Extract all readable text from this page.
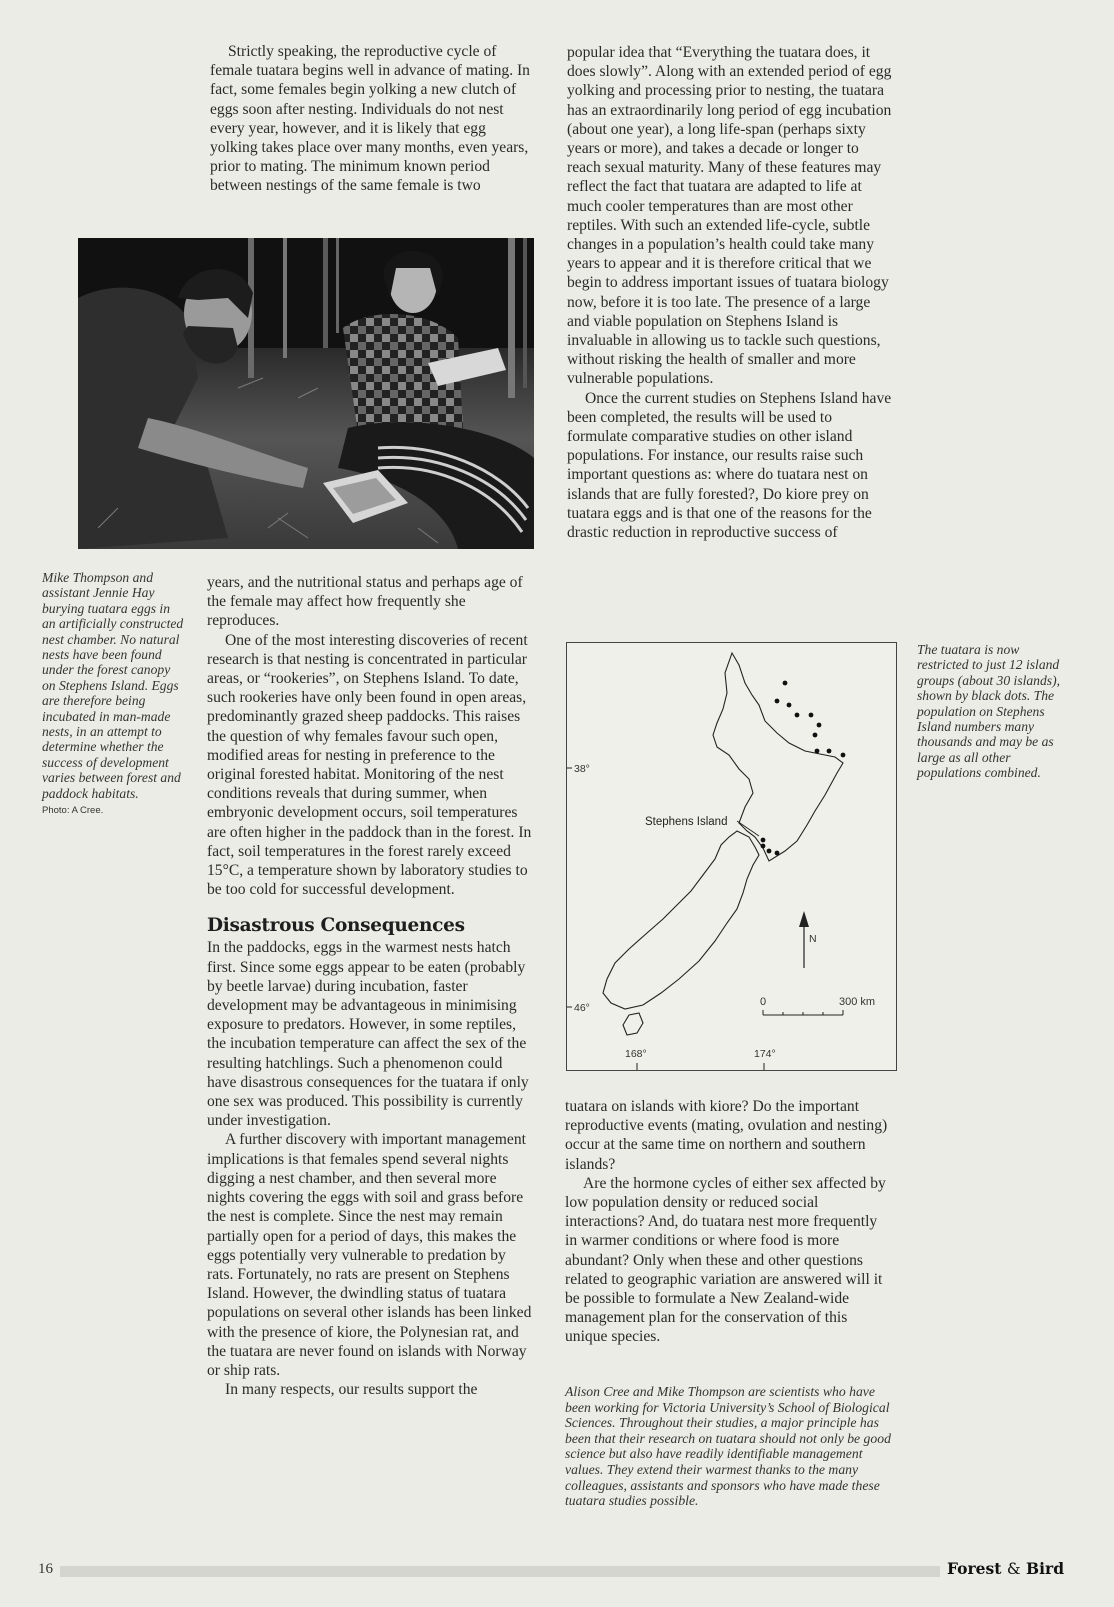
Strictly speaking, the reproductive cycle of female tuatara begins well in advance of mating. In fact, some females begin yolking a new clutch of eggs soon after nesting. Individuals do not nest every year, however, and it is likely that egg yolking takes place over many months, even years, prior to mating. The minimum known period between nestings of the same female is two

Mike Thompson and assistant Jennie Hay burying tuatara eggs in an artificially constructed nest chamber. No natural nests have been found under the forest canopy on Stephens Island. Eggs are therefore being incubated in man-made nests, in an attempt to determine whether the success of development varies between forest and paddock habitats.
Photo: A Cree.

years, and the nutritional status and perhaps age of the female may affect how frequently she reproduces.

One of the most interesting discoveries of recent research is that nesting is concentrated in particular areas, or “rookeries”, on Stephens Island. To date, such rookeries have only been found in open areas, predominantly grazed sheep paddocks. This raises the question of why females favour such open, modified areas for nesting in preference to the original forested habitat. Monitoring of the nest conditions reveals that during summer, when embryonic development occurs, soil temperatures are often higher in the paddock than in the forest. In fact, soil temperatures in the forest rarely exceed 15°C, a temperature shown by laboratory studies to be too cold for successful development.

Disastrous Consequences

In the paddocks, eggs in the warmest nests hatch first. Since some eggs appear to be eaten (probably by beetle larvae) during incubation, faster development may be advantageous in minimising exposure to predators. However, in some reptiles, the incubation temperature can affect the sex of the resulting hatchlings. Such a phenomenon could have disastrous consequences for the tuatara if only one sex was produced. This possibility is currently under investigation.

A further discovery with important management implications is that females spend several nights digging a nest chamber, and then several more nights covering the eggs with soil and grass before the nest is complete. Since the nest may remain partially open for a period of days, this makes the eggs potentially very vulnerable to predation by rats. Fortunately, no rats are present on Stephens Island. However, the dwindling status of tuatara populations on several other islands has been linked with the presence of kiore, the Polynesian rat, and the tuatara are never found on islands with Norway or ship rats.

In many respects, our results support the

popular idea that “Everything the tuatara does, it does slowly”. Along with an extended period of egg yolking and processing prior to nesting, the tuatara has an extraordinarily long period of egg incubation (about one year), a long life-span (perhaps sixty years or more), and takes a decade or longer to reach sexual maturity. Many of these features may reflect the fact that tuatara are adapted to life at much cooler temperatures than are most other reptiles. With such an extended life-cycle, subtle changes in a population’s health could take many years to appear and it is therefore critical that we begin to address important issues of tuatara biology now, before it is too late. The presence of a large and viable population on Stephens Island is invaluable in allowing us to tackle such questions, without risking the health of smaller and more vulnerable populations.

Once the current studies on Stephens Island have been completed, the results will be used to formulate comparative studies on other island populations. For instance, our results raise such important questions as: where do tuatara nest on islands that are fully forested?, Do kiore prey on tuatara eggs and is that one of the reasons for the drastic reduction in reproductive success of

Stephens Island
38°
46°
168°	174°
N
0	300 km
The tuatara is now restricted to just 12 island groups (about 30 islands), shown by black dots. The population on Stephens Island numbers many thousands and may be as large as all other populations combined.

tuatara on islands with kiore? Do the important reproductive events (mating, ovulation and nesting) occur at the same time on northern and southern islands?

Are the hormone cycles of either sex affected by low population density or reduced social interactions? And, do tuatara nest more frequently in warmer conditions or where food is more abundant? Only when these and other questions related to geographic variation are answered will it be possible to formulate a New Zealand-wide management plan for the conservation of this unique species.

Alison Cree and Mike Thompson are scientists who have been working for Victoria University’s School of Biological Sciences. Throughout their studies, a major principle has been that their research on tuatara should not only be good science but also have readily identifiable management values. They extend their warmest thanks to the many colleagues, assistants and sponsors who have made these tuatara studies possible.
16	Forest & Bird
